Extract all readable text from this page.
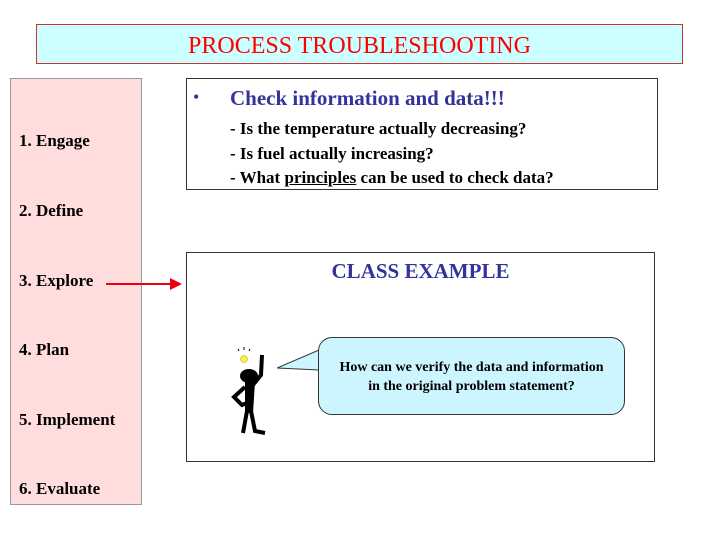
PROCESS TROUBLESHOOTING
1. Engage
2. Define
3. Explore
4. Plan
5. Implement
6. Evaluate
• Check information and data!!!
- Is the temperature actually decreasing?
- Is fuel actually increasing?
- What principles can be used to check data?
CLASS EXAMPLE
How can we verify the data and information
in the original problem statement?
